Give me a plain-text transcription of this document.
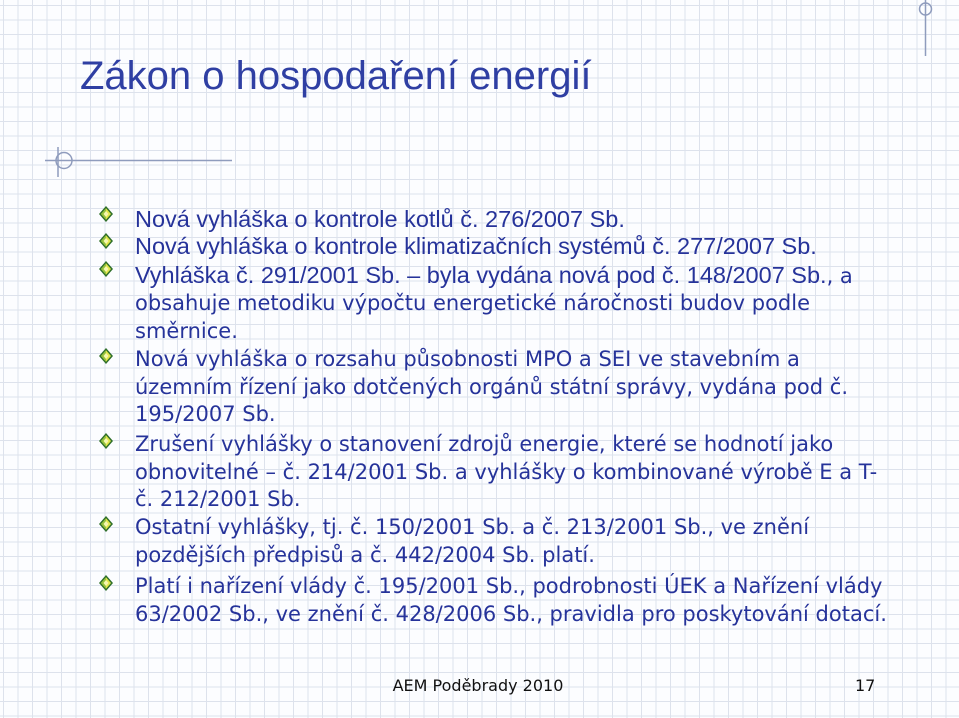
Zákon o hospodaření energií
Nová vyhláška o kontrole kotlů č. 276/2007 Sb.
Nová vyhláška o kontrole klimatizačních systémů č. 277/2007 Sb.
Vyhláška č. 291/2001 Sb. – byla vydána nová pod č. 148/2007 Sb., a
obsahuje metodiku výpočtu energetické náročnosti budov podle
směrnice.
Nová vyhláška o rozsahu působnosti MPO a SEI ve stavebním a
územním řízení jako dotčených orgánů státní správy, vydána pod č.
195/2007 Sb.
Zrušení vyhlášky o stanovení zdrojů energie, které se hodnotí jako
obnovitelné – č. 214/2001 Sb. a vyhlášky o kombinované výrobě E a T-
č. 212/2001 Sb.
Ostatní vyhlášky, tj. č. 150/2001 Sb. a č. 213/2001 Sb., ve znění
pozdějších předpisů a č. 442/2004 Sb. platí.
Platí i nařízení vlády č. 195/2001 Sb., podrobnosti ÚEK a Nařízení vlády
63/2002 Sb., ve znění č. 428/2006 Sb., pravidla pro poskytování dotací.
AEM Poděbrady 2010	17
